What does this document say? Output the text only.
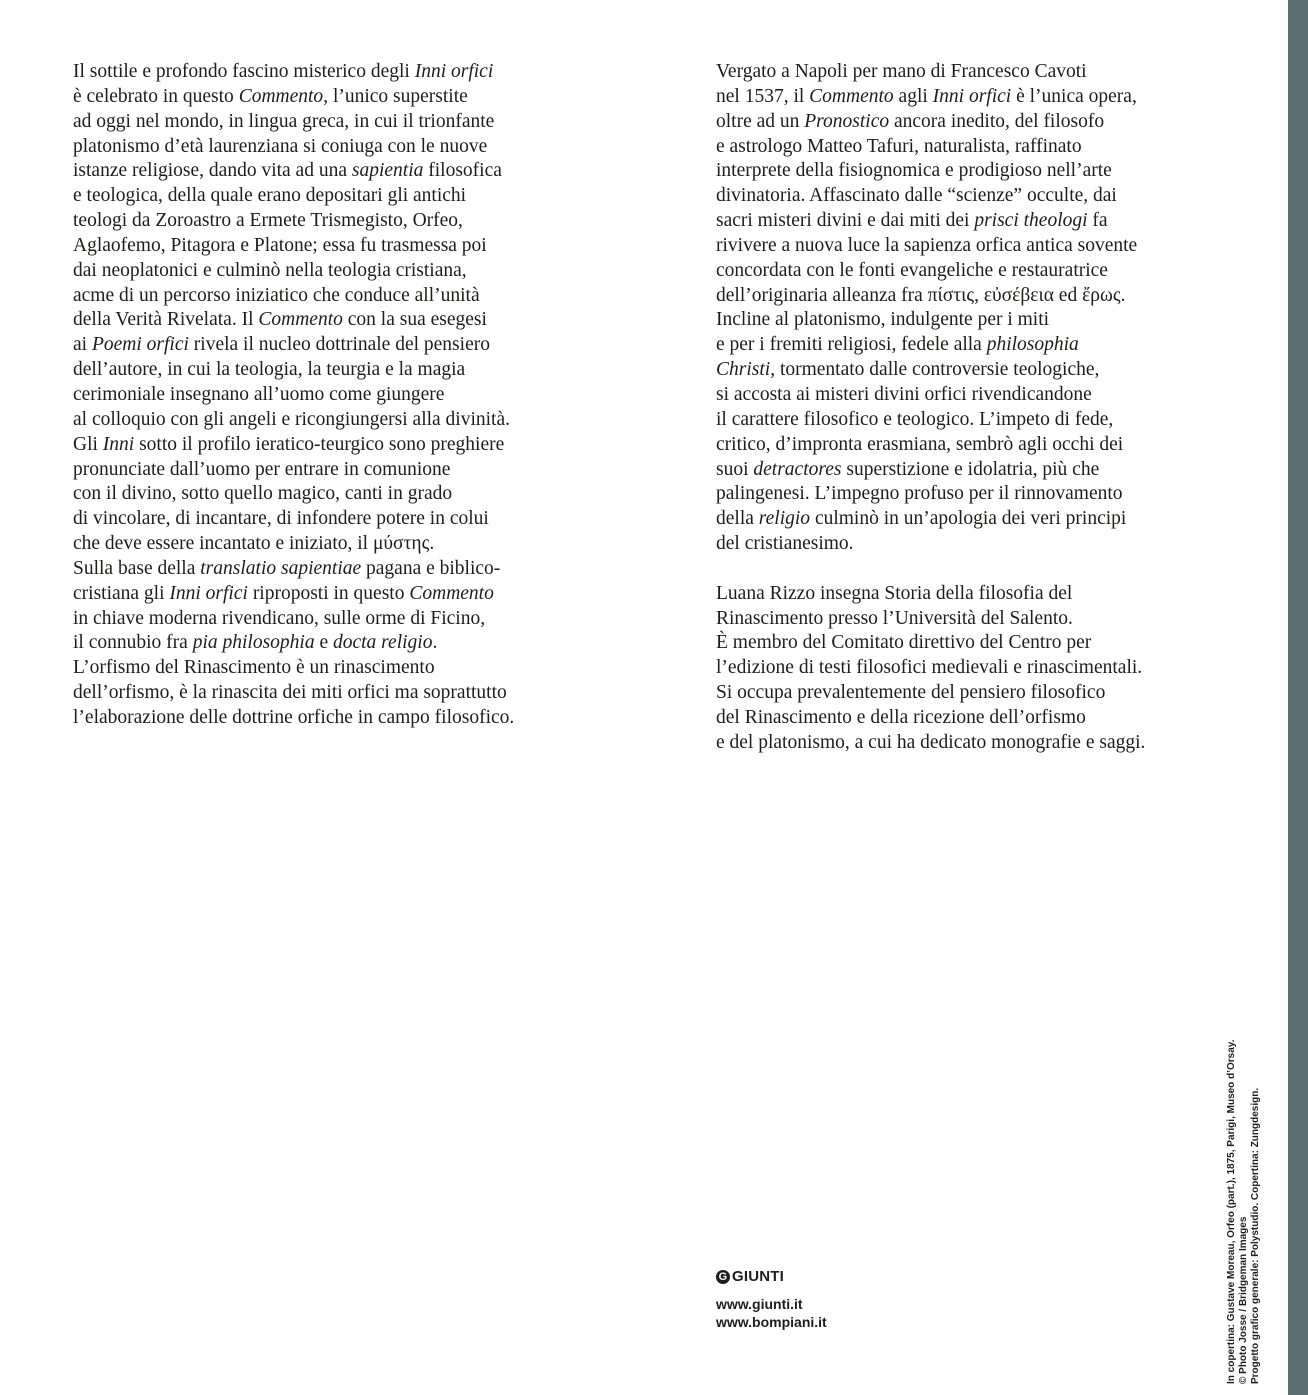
Il sottile e profondo fascino misterico degli Inni orfici
è celebrato in questo Commento, l’unico superstite
ad oggi nel mondo, in lingua greca, in cui il trionfante
platonismo d’età laurenziana si coniuga con le nuove
istanze religiose, dando vita ad una sapientia filosofica
e teologica, della quale erano depositari gli antichi
teologi da Zoroastro a Ermete Trismegisto, Orfeo,
Aglaofemo, Pitagora e Platone; essa fu trasmessa poi
dai neoplatonici e culminò nella teologia cristiana,
acme di un percorso iniziatico che conduce all’unità
della Verità Rivelata. Il Commento con la sua esegesi
ai Poemi orfici rivela il nucleo dottrinale del pensiero
dell’autore, in cui la teologia, la teurgia e la magia
cerimoniale insegnano all’uomo come giungere
al colloquio con gli angeli e ricongiungersi alla divinità.
Gli Inni sotto il profilo ieratico-teurgico sono preghiere
pronunciate dall’uomo per entrare in comunione
con il divino, sotto quello magico, canti in grado
di vincolare, di incantare, di infondere potere in colui
che deve essere incantato e iniziato, il μύστης.
Sulla base della translatio sapientiae pagana e biblico-
cristiana gli Inni orfici riproposti in questo Commento
in chiave moderna rivendicano, sulle orme di Ficino,
il connubio fra pia philosophia e docta religio.
L’orfismo del Rinascimento è un rinascimento
dell’orfismo, è la rinascita dei miti orfici ma soprattutto
l’elaborazione delle dottrine orfiche in campo filosofico.
Vergato a Napoli per mano di Francesco Cavoti
nel 1537, il Commento agli Inni orfici è l’unica opera,
oltre ad un Pronostico ancora inedito, del filosofo
e astrologo Matteo Tafuri, naturalista, raffinato
interprete della fisiognomica e prodigioso nell’arte
divinatoria. Affascinato dalle “scienze” occulte, dai
sacri misteri divini e dai miti dei prisci theologi fa
rivivere a nuova luce la sapienza orfica antica sovente
concordata con le fonti evangeliche e restauratrice
dell’originaria alleanza fra πίστις, εὐσέβεια ed ἔρως.
Incline al platonismo, indulgente per i miti
e per i fremiti religiosi, fedele alla philosophia
Christi, tormentato dalle controversie teologiche,
si accosta ai misteri divini orfici rivendicandone
il carattere filosofico e teologico. L’impeto di fede,
critico, d’impronta erasmiana, sembrò agli occhi dei
suoi detractores superstizione e idolatria, più che
palingenesi. L’impegno profuso per il rinnovamento
della religio culminò in un’apologia dei veri principi
del cristianesimo.
Luana Rizzo insegna Storia della filosofia del
Rinascimento presso l’Università del Salento.
È membro del Comitato direttivo del Centro per
l’edizione di testi filosofici medievali e rinascimentali.
Si occupa prevalentemente del pensiero filosofico
del Rinascimento e della ricezione dell’orfismo
e del platonismo, a cui ha dedicato monografie e saggi.
G GIUNTI
www.giunti.it
www.bompiani.it	In copertina: Gustave Moreau, Orfeo (part.), 1875, Parigi, Museo d’Orsay. © Photo Josse / Bridgeman Images Progetto grafico generale: Polystudio. Copertina: Zungdesign.
